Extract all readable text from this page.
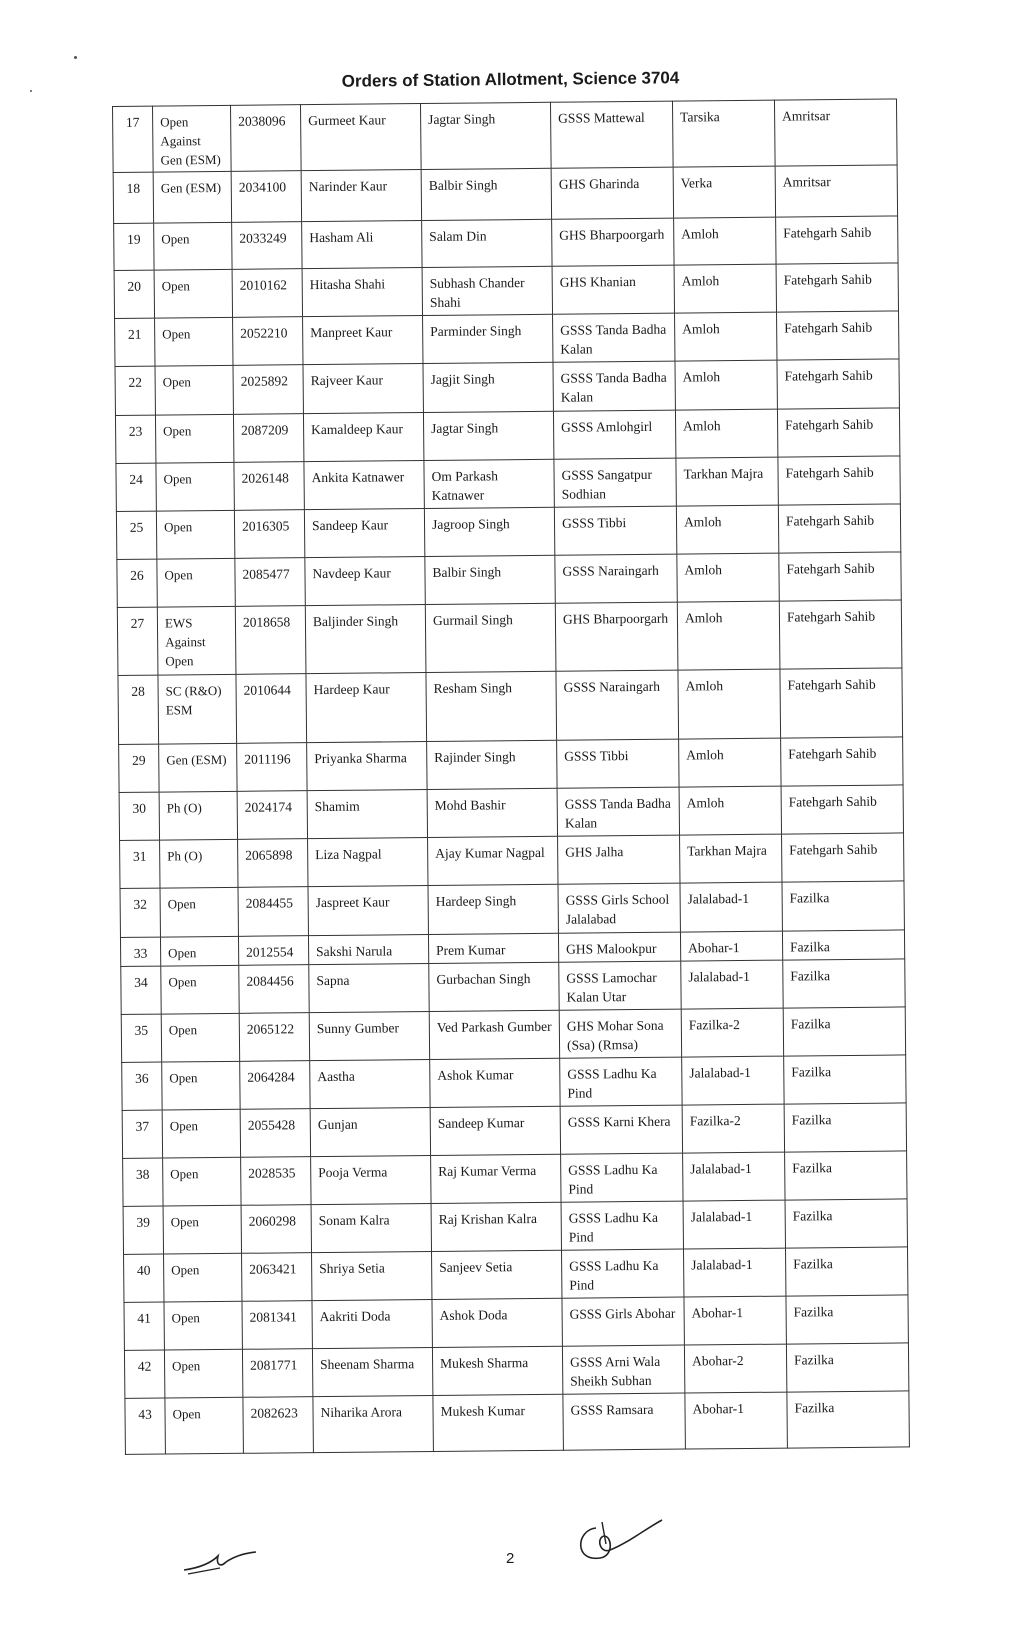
Orders of Station Allotment, Science 3704
17	Open Against Gen (ESM)	2038096	Gurmeet Kaur	Jagtar Singh	GSSS Mattewal	Tarsika	Amritsar
18	Gen (ESM)	2034100	Narinder Kaur	Balbir Singh	GHS Gharinda	Verka	Amritsar
19	Open	2033249	Hasham Ali	Salam Din	GHS Bharpoorgarh	Amloh	Fatehgarh Sahib
20	Open	2010162	Hitasha Shahi	Subhash Chander Shahi	GHS Khanian	Amloh	Fatehgarh Sahib
21	Open	2052210	Manpreet Kaur	Parminder Singh	GSSS Tanda Badha Kalan	Amloh	Fatehgarh Sahib
22	Open	2025892	Rajveer Kaur	Jagjit Singh	GSSS Tanda Badha Kalan	Amloh	Fatehgarh Sahib
23	Open	2087209	Kamaldeep Kaur	Jagtar Singh	GSSS Amlohgirl	Amloh	Fatehgarh Sahib
24	Open	2026148	Ankita Katnawer	Om Parkash Katnawer	GSSS Sangatpur Sodhian	Tarkhan Majra	Fatehgarh Sahib
25	Open	2016305	Sandeep Kaur	Jagroop Singh	GSSS Tibbi	Amloh	Fatehgarh Sahib
26	Open	2085477	Navdeep Kaur	Balbir Singh	GSSS Naraingarh	Amloh	Fatehgarh Sahib
27	EWS Against Open	2018658	Baljinder Singh	Gurmail Singh	GHS Bharpoorgarh	Amloh	Fatehgarh Sahib
28	SC (R&O) ESM	2010644	Hardeep Kaur	Resham Singh	GSSS Naraingarh	Amloh	Fatehgarh Sahib
29	Gen (ESM)	2011196	Priyanka Sharma	Rajinder Singh	GSSS Tibbi	Amloh	Fatehgarh Sahib
30	Ph (O)	2024174	Shamim	Mohd Bashir	GSSS Tanda Badha Kalan	Amloh	Fatehgarh Sahib
31	Ph (O)	2065898	Liza Nagpal	Ajay Kumar Nagpal	GHS Jalha	Tarkhan Majra	Fatehgarh Sahib
32	Open	2084455	Jaspreet Kaur	Hardeep Singh	GSSS Girls School Jalalabad	Jalalabad-1	Fazilka
33	Open	2012554	Sakshi Narula	Prem Kumar	GHS Malookpur	Abohar-1	Fazilka
34	Open	2084456	Sapna	Gurbachan Singh	GSSS Lamochar Kalan Utar	Jalalabad-1	Fazilka
35	Open	2065122	Sunny Gumber	Ved Parkash Gumber	GHS Mohar Sona (Ssa) (Rmsa)	Fazilka-2	Fazilka
36	Open	2064284	Aastha	Ashok Kumar	GSSS Ladhu Ka Pind	Jalalabad-1	Fazilka
37	Open	2055428	Gunjan	Sandeep Kumar	GSSS Karni Khera	Fazilka-2	Fazilka
38	Open	2028535	Pooja Verma	Raj Kumar Verma	GSSS Ladhu Ka Pind	Jalalabad-1	Fazilka
39	Open	2060298	Sonam Kalra	Raj Krishan Kalra	GSSS Ladhu Ka Pind	Jalalabad-1	Fazilka
40	Open	2063421	Shriya Setia	Sanjeev Setia	GSSS Ladhu Ka Pind	Jalalabad-1	Fazilka
41	Open	2081341	Aakriti Doda	Ashok Doda	GSSS Girls Abohar	Abohar-1	Fazilka
42	Open	2081771	Sheenam Sharma	Mukesh Sharma	GSSS Arni Wala Sheikh Subhan	Abohar-2	Fazilka
43	Open	2082623	Niharika Arora	Mukesh Kumar	GSSS Ramsara	Abohar-1	Fazilka
2
